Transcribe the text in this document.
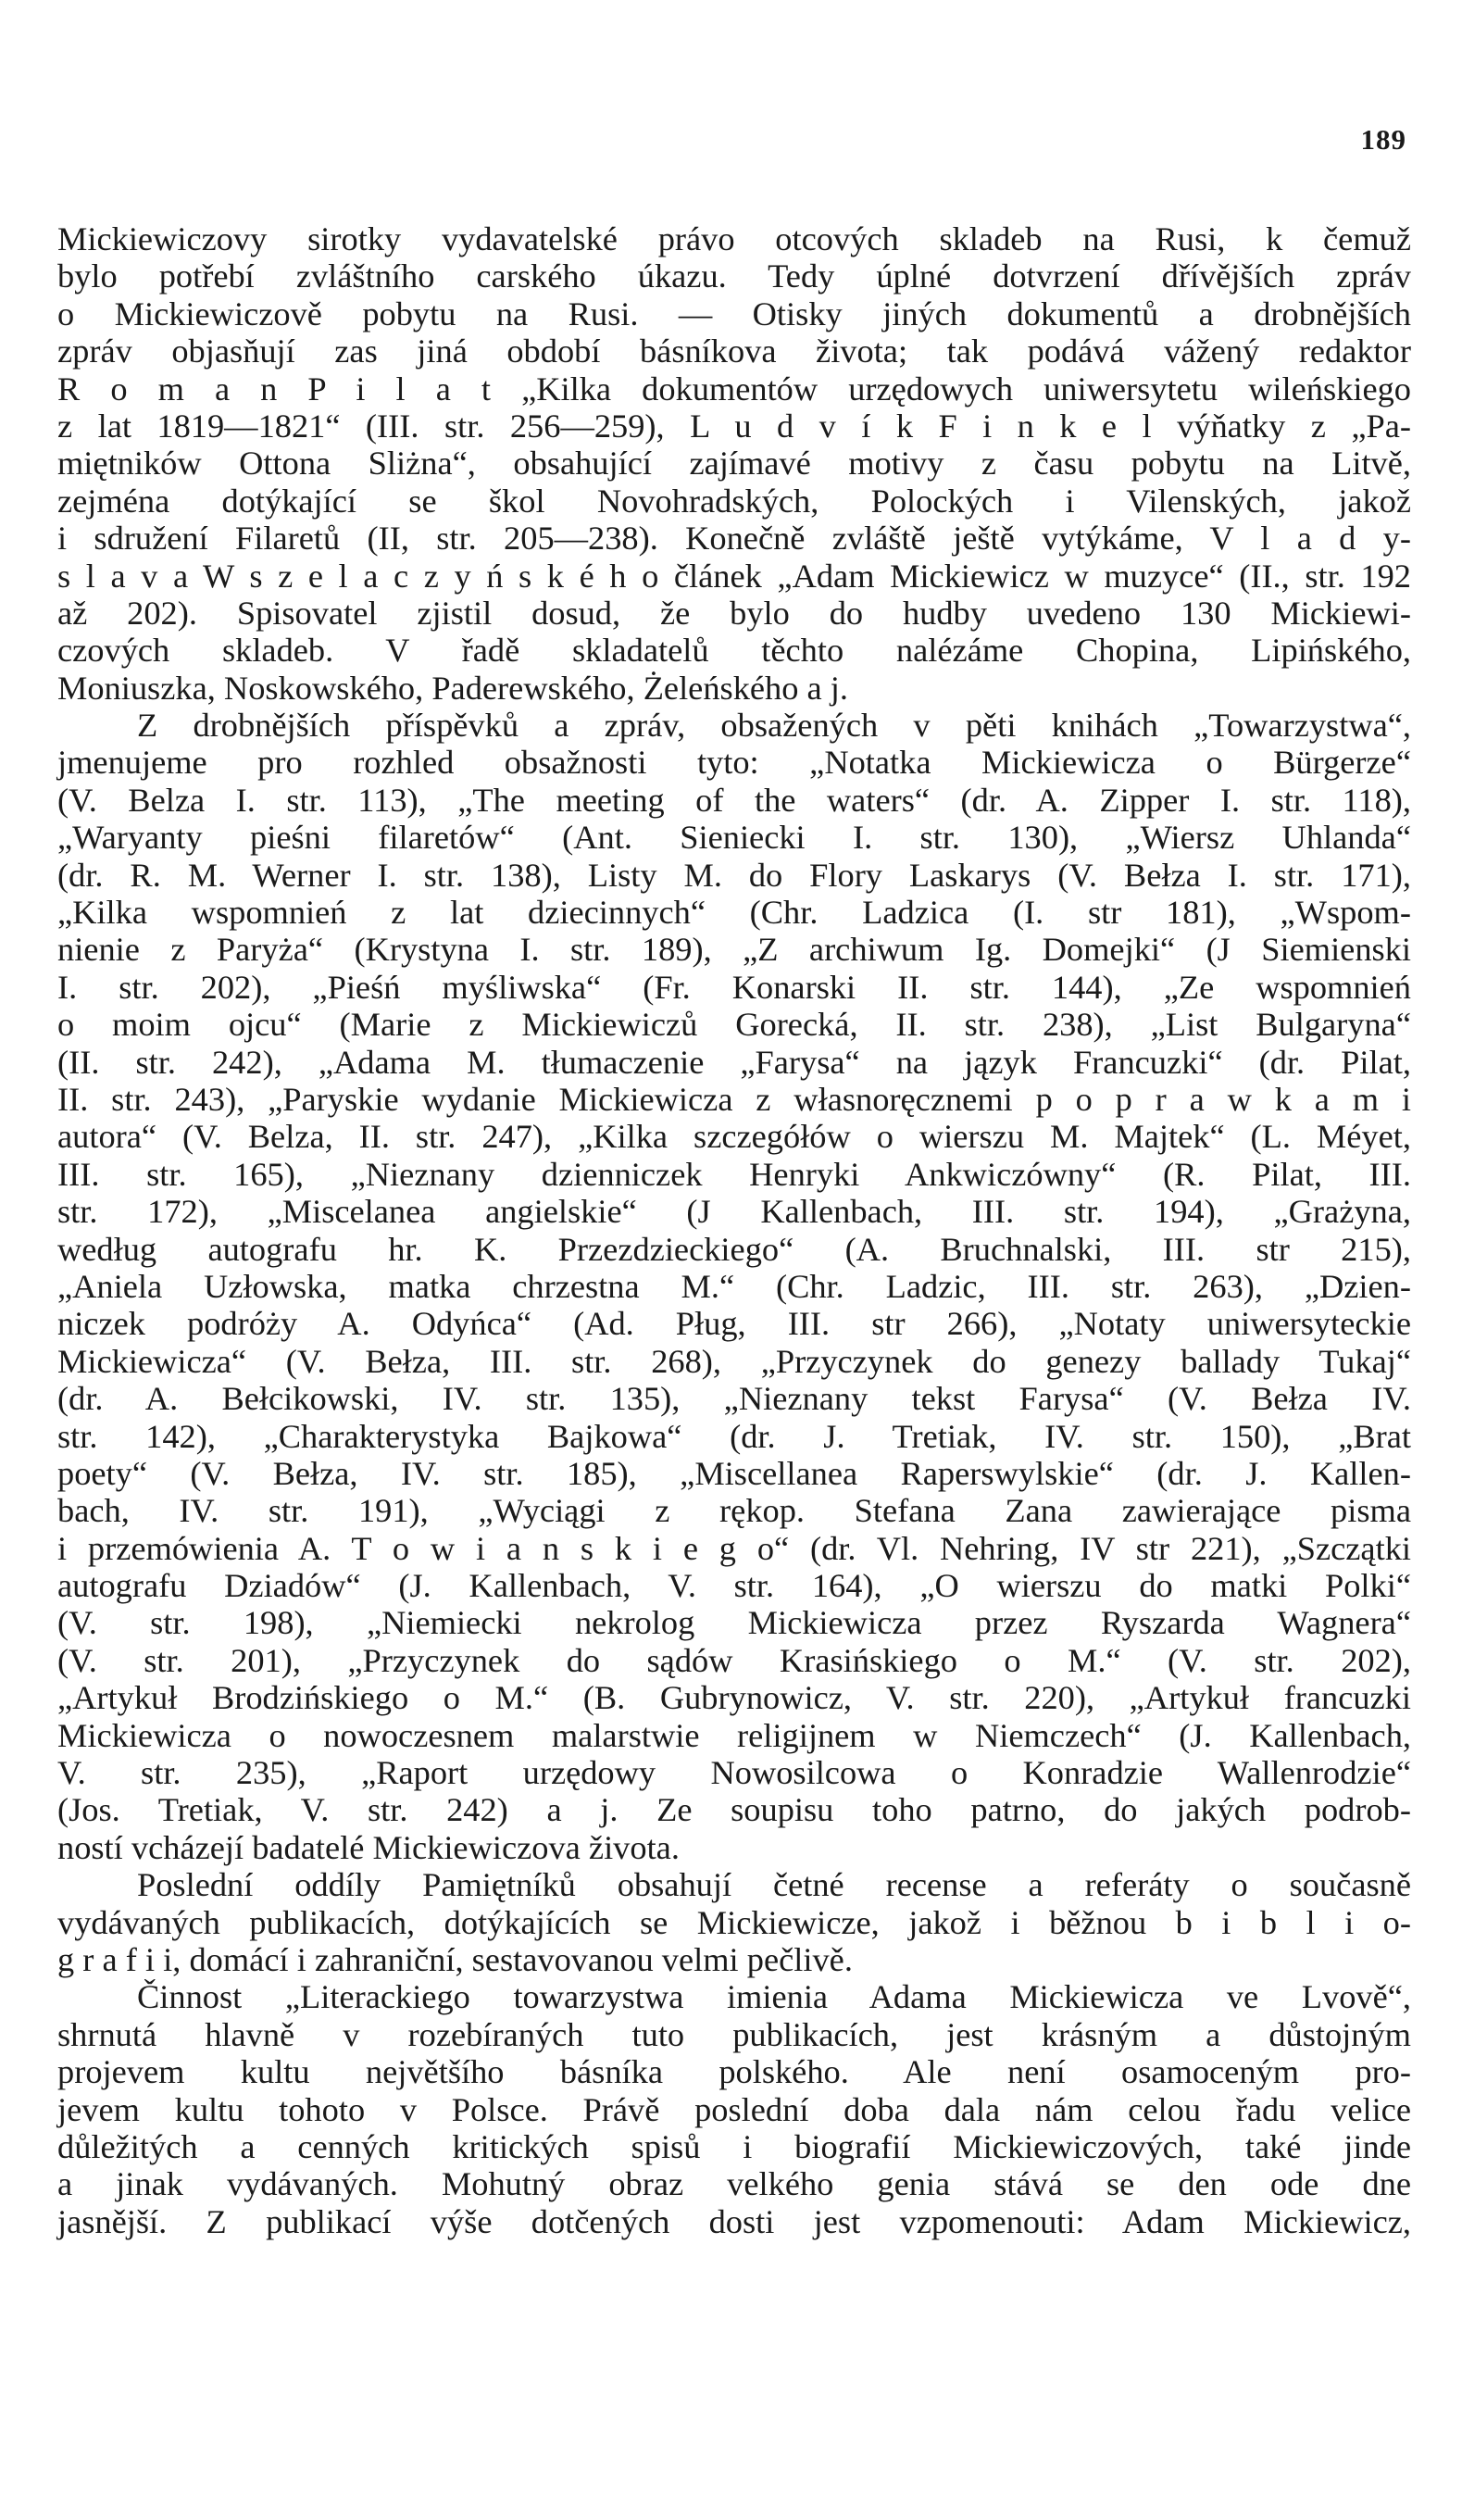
189
Mickiewiczovy sirotky vydavatelské právo otcových skladeb na Rusi, k čemuž
bylo potřebí zvláštního carského úkazu. Tedy úplné dotvrzení dřívějších zpráv
o Mickiewiczově pobytu na Rusi. — Otisky jiných dokumentů a drobnějších
zpráv objasňují zas jiná období básníkova života; tak podává vážený redaktor
R o m a n P i l a t „Kilka dokumentów urzędowych uniwersytetu wileńskiego
z lat 1819—1821“ (III. str. 256—259), L u d v í k F i n k e l výňatky z „Pa-
miętników Ottona Sliżna“, obsahující zajímavé motivy z času pobytu na Litvě,
zejména dotýkající se škol Novohradských, Polockých i Vilenských, jakož
i sdružení Filaretů (II, str. 205—238). Konečně zvláště ještě vytýkáme, V l a d y-
s l a v a W s z e l a c z y ń s k é h o článek „Adam Mickiewicz w muzyce“ (II., str. 192
až 202). Spisovatel zjistil dosud, že bylo do hudby uvedeno 130 Mickiewi-
czových skladeb. V řadě skladatelů těchto nalézáme Chopina, Lipińského,
Moniuszka, Noskowského, Paderewského, Żeleńského a j.
Z drobnějších příspěvků a zpráv, obsažených v pěti knihách „Towarzystwa“,
jmenujeme pro rozhled obsažnosti tyto: „Notatka Mickiewicza o Bürgerze“
(V. Belza I. str. 113), „The meeting of the waters“ (dr. A. Zipper I. str. 118),
„Waryanty pieśni filaretów“ (Ant. Sieniecki I. str. 130), „Wiersz Uhlanda“
(dr. R. M. Werner I. str. 138), Listy M. do Flory Laskarys (V. Bełza I. str. 171),
„Kilka wspomnień z lat dziecinnych“ (Chr. Ladzica (I. str 181), „Wspom-
nienie z Paryża“ (Krystyna I. str. 189), „Z archiwum Ig. Domejki“ (J Siemienski
I. str. 202), „Pieśń myśliwska“ (Fr. Konarski II. str. 144), „Ze wspomnień
o moim ojcu“ (Marie z Mickiewiczů Gorecká, II. str. 238), „List Bulgaryna“
(II. str. 242), „Adama M. tłumaczenie „Farysa“ na jązyk Francuzki“ (dr. Pilat,
II. str. 243), „Paryskie wydanie Mickiewicza z własnoręcznemi p o p r a w k a m i
autora“ (V. Belza, II. str. 247), „Kilka szczegółów o wierszu M. Majtek“ (L. Méyet,
III. str. 165), „Nieznany dzienniczek Henryki Ankwiczówny“ (R. Pilat, III.
str. 172), „Miscelanea angielskie“ (J Kallenbach, III. str. 194), „Grażyna,
według autografu hr. K. Przezdzieckiego“ (A. Bruchnalski, III. str 215),
„Aniela Uzłowska, matka chrzestna M.“ (Chr. Ladzic, III. str. 263), „Dzien-
niczek podróży A. Odyńca“ (Ad. Pług, III. str 266), „Notaty uniwersyteckie
Mickiewicza“ (V. Bełza, III. str. 268), „Przyczynek do genezy ballady Tukaj“
(dr. A. Bełcikowski, IV. str. 135), „Nieznany tekst Farysa“ (V. Bełza IV.
str. 142), „Charakterystyka Bajkowa“ (dr. J. Tretiak, IV. str. 150), „Brat
poety“ (V. Bełza, IV. str. 185), „Miscellanea Raperswylskie“ (dr. J. Kallen-
bach, IV. str. 191), „Wyciągi z rękop. Stefana Zana zawierające pisma
i przemówienia A. T o w i a n s k i e g o“ (dr. Vl. Nehring, IV str 221), „Szczątki
autografu Dziadów“ (J. Kallenbach, V. str. 164), „O wierszu do matki Polki“
(V. str. 198), „Niemiecki nekrolog Mickiewicza przez Ryszarda Wagnera“
(V. str. 201), „Przyczynek do sądów Krasińskiego o M.“ (V. str. 202),
„Artykuł Brodzińskiego o M.“ (B. Gubrynowicz, V. str. 220), „Artykuł francuzki
Mickiewicza o nowoczesnem malarstwie religijnem w Niemczech“ (J. Kallenbach,
V. str. 235), „Raport urzędowy Nowosilcowa o Konradzie Wallenrodzie“
(Jos. Tretiak, V. str. 242) a j. Ze soupisu toho patrno, do jakých podrob-
ností vcházejí badatelé Mickiewiczova života.
Poslední oddíly Pamiętníků obsahují četné recense a referáty o současně
vydávaných publikacích, dotýkajících se Mickiewicze, jakož i běžnou b i b l i o-
g r a f i i, domácí i zahraniční, sestavovanou velmi pečlivě.
Činnost „Literackiego towarzystwa imienia Adama Mickiewicza ve Lvově“,
shrnutá hlavně v rozebíraných tuto publikacích, jest krásným a důstojným
projevem kultu největšího básníka polského. Ale není osamoceným pro-
jevem kultu tohoto v Polsce. Právě poslední doba dala nám celou řadu velice
důležitých a cenných kritických spisů i biografií Mickiewiczových, také jinde
a jinak vydávaných. Mohutný obraz velkého genia stává se den ode dne
jasnější. Z publikací výše dotčených dosti jest vzpomenouti: Adam Mickiewicz,
